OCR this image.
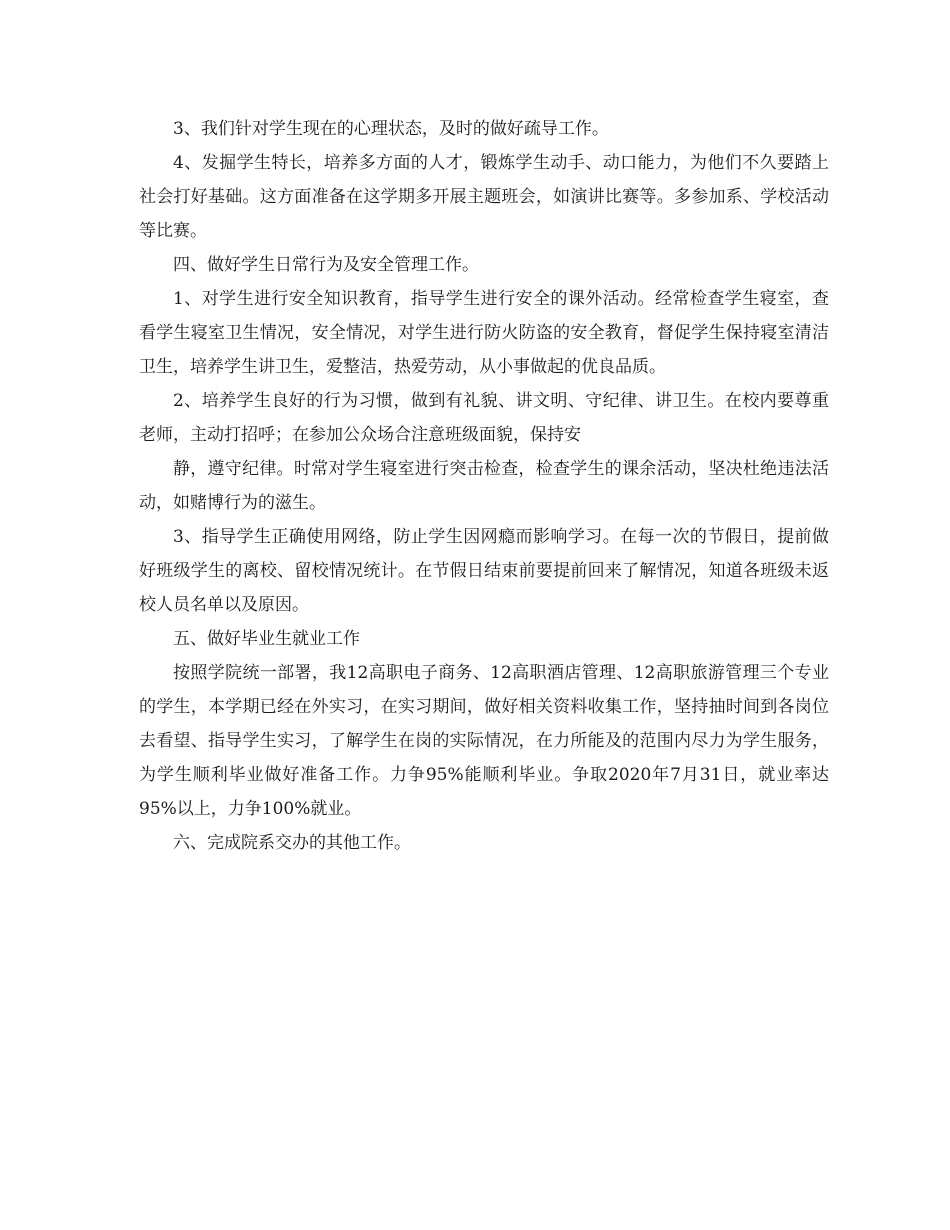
3、我们针对学生现在的心理状态，及时的做好疏导工作。

4、发掘学生特长，培养多方面的人才，锻炼学生动手、动口能力，为他们不久要踏上社会打好基础。这方面准备在这学期多开展主题班会，如演讲比赛等。多参加系、学校活动等比赛。

四、做好学生日常行为及安全管理工作。

1、对学生进行安全知识教育，指导学生进行安全的课外活动。经常检查学生寝室，查看学生寝室卫生情况，安全情况，对学生进行防火防盗的安全教育，督促学生保持寝室清洁卫生，培养学生讲卫生，爱整洁，热爱劳动，从小事做起的优良品质。

2、培养学生良好的行为习惯，做到有礼貌、讲文明、守纪律、讲卫生。在校内要尊重老师，主动打招呼；在参加公众场合注意班级面貌，保持安

静，遵守纪律。时常对学生寝室进行突击检查，检查学生的课余活动，坚决杜绝违法活动，如赌博行为的滋生。

3、指导学生正确使用网络，防止学生因网瘾而影响学习。在每一次的节假日，提前做好班级学生的离校、留校情况统计。在节假日结束前要提前回来了解情况，知道各班级未返校人员名单以及原因。

五、做好毕业生就业工作

按照学院统一部署，我12高职电子商务、12高职酒店管理、12高职旅游管理三个专业的学生，本学期已经在外实习，在实习期间，做好相关资料收集工作，坚持抽时间到各岗位去看望、指导学生实习，了解学生在岗的实际情况，在力所能及的范围内尽力为学生服务，为学生顺利毕业做好准备工作。力争95%能顺利毕业。争取2020年7月31日，就业率达95%以上，力争100%就业。

六、完成院系交办的其他工作。
